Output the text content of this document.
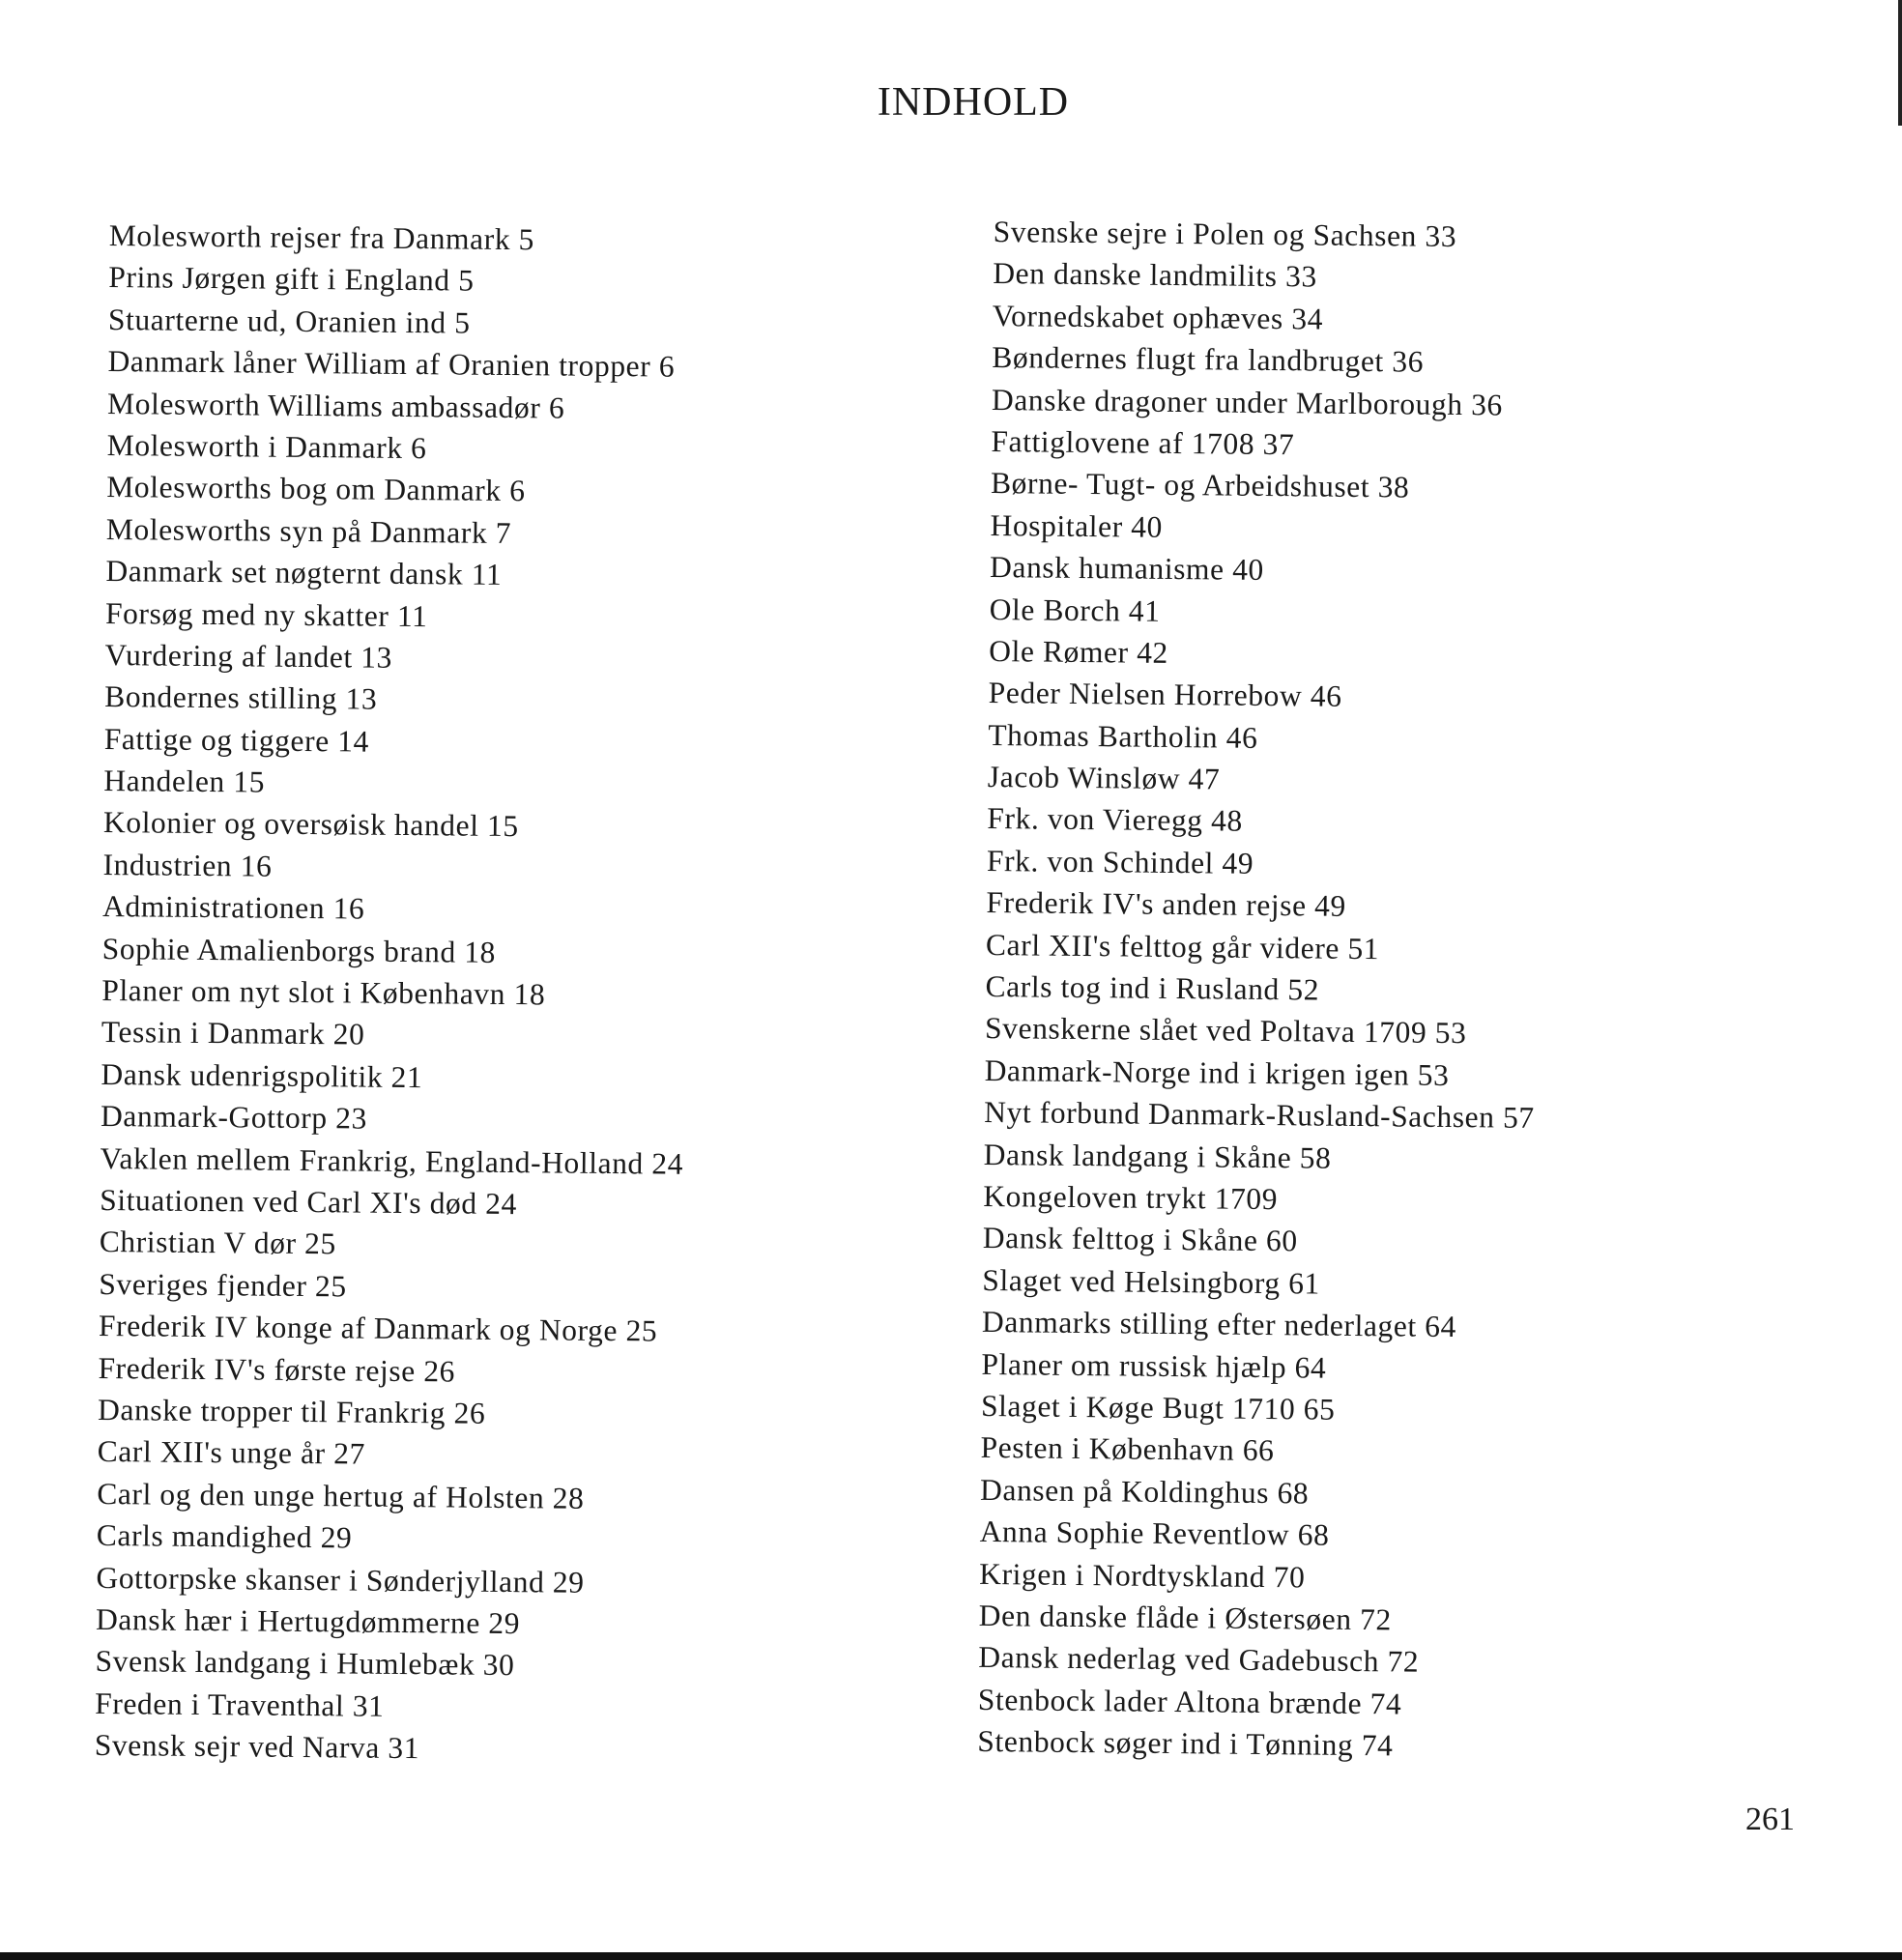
INDHOLD
Molesworth rejser fra Danmark 5
Prins Jørgen gift i England 5
Stuarterne ud, Oranien ind 5
Danmark låner William af Oranien tropper 6
Molesworth Williams ambassadør 6
Molesworth i Danmark 6
Molesworths bog om Danmark 6
Molesworths syn på Danmark 7
Danmark set nøgternt dansk 11
Forsøg med ny skatter 11
Vurdering af landet 13
Bondernes stilling 13
Fattige og tiggere 14
Handelen 15
Kolonier og oversøisk handel 15
Industrien 16
Administrationen 16
Sophie Amalienborgs brand 18
Planer om nyt slot i København 18
Tessin i Danmark 20
Dansk udenrigspolitik 21
Danmark-Gottorp 23
Vaklen mellem Frankrig, England-Holland 24
Situationen ved Carl XI's død 24
Christian V dør 25
Sveriges fjender 25
Frederik IV konge af Danmark og Norge 25
Frederik IV's første rejse 26
Danske tropper til Frankrig 26
Carl XII's unge år 27
Carl og den unge hertug af Holsten 28
Carls mandighed 29
Gottorpske skanser i Sønderjylland 29
Dansk hær i Hertugdømmerne 29
Svensk landgang i Humlebæk 30
Freden i Traventhal 31
Svensk sejr ved Narva 31
Svenske sejre i Polen og Sachsen 33
Den danske landmilits 33
Vornedskabet ophæves 34
Bøndernes flugt fra landbruget 36
Danske dragoner under Marlborough 36
Fattiglovene af 1708 37
Børne- Tugt- og Arbeidshuset 38
Hospitaler 40
Dansk humanisme 40
Ole Borch 41
Ole Rømer 42
Peder Nielsen Horrebow 46
Thomas Bartholin 46
Jacob Winsløw 47
Frk. von Vieregg 48
Frk. von Schindel 49
Frederik IV's anden rejse 49
Carl XII's felttog går videre 51
Carls tog ind i Rusland 52
Svenskerne slået ved Poltava 1709 53
Danmark-Norge ind i krigen igen 53
Nyt forbund Danmark-Rusland-Sachsen 57
Dansk landgang i Skåne 58
Kongeloven trykt 1709
Dansk felttog i Skåne 60
Slaget ved Helsingborg 61
Danmarks stilling efter nederlaget 64
Planer om russisk hjælp 64
Slaget i Køge Bugt 1710 65
Pesten i København 66
Dansen på Koldinghus 68
Anna Sophie Reventlow 68
Krigen i Nordtyskland 70
Den danske flåde i Østersøen 72
Dansk nederlag ved Gadebusch 72
Stenbock lader Altona brænde 74
Stenbock søger ind i Tønning 74
261
